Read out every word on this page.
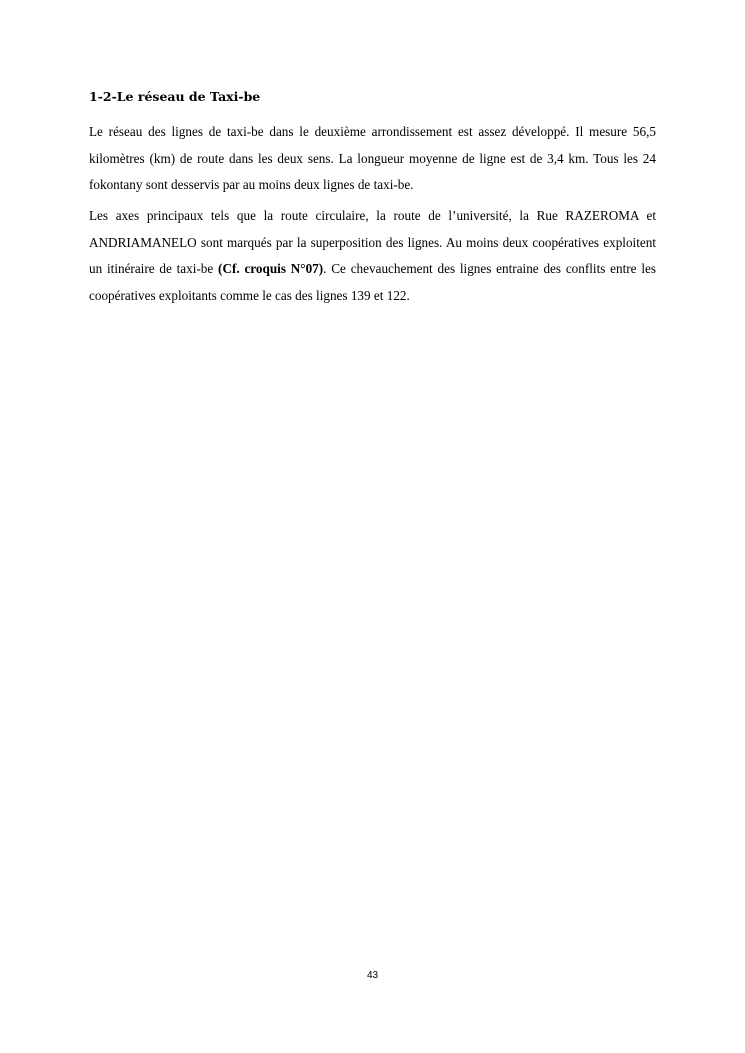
1-2-Le réseau de Taxi-be

Le réseau des lignes de taxi-be dans le deuxième arrondissement est assez développé. Il mesure 56,5 kilomètres (km) de route dans les deux sens. La longueur moyenne de ligne est de 3,4 km. Tous les 24 fokontany sont desservis par au moins deux lignes de taxi-be.

Les axes principaux tels que la route circulaire, la route de l’université, la Rue RAZEROMA et ANDRIAMANELO sont marqués par la superposition des lignes. Au moins deux coopératives exploitent un itinéraire de taxi-be (Cf. croquis N°07). Ce chevauchement des lignes entraine des conflits entre les coopératives exploitants comme le cas des lignes 139 et 122.

43
